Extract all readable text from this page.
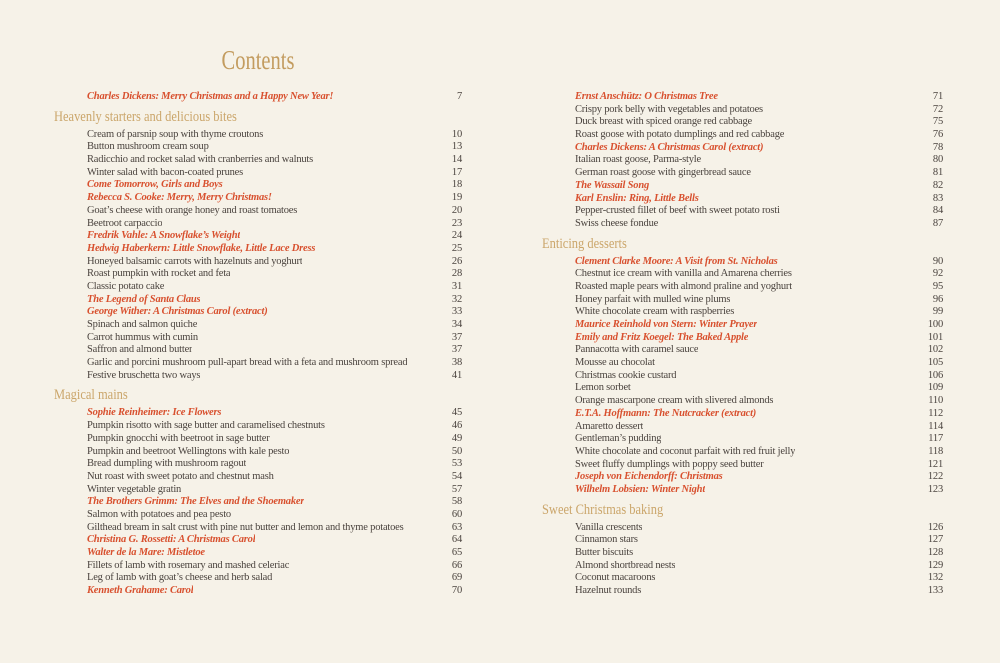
Contents
Charles Dickens: Merry Christmas and a Happy New Year!	7
Heavenly starters and delicious bites
Cream of parsnip soup with thyme croutons	10
Button mushroom cream soup	13
Radicchio and rocket salad with cranberries and walnuts	14
Winter salad with bacon-coated prunes	17
Come Tomorrow, Girls and Boys	18
Rebecca S. Cooke: Merry, Merry Christmas!	19
Goat’s cheese with orange honey and roast tomatoes	20
Beetroot carpaccio	23
Fredrik Vahle: A Snowflake’s Weight	24
Hedwig Haberkern: Little Snowflake, Little Lace Dress	25
Honeyed balsamic carrots with hazelnuts and yoghurt	26
Roast pumpkin with rocket and feta	28
Classic potato cake	31
The Legend of Santa Claus	32
George Wither: A Christmas Carol (extract)	33
Spinach and salmon quiche	34
Carrot hummus with cumin	37
Saffron and almond butter	37
Garlic and porcini mushroom pull-apart bread with a feta and mushroom spread	38
Festive bruschetta two ways	41
Magical mains
Sophie Reinheimer: Ice Flowers	45
Pumpkin risotto with sage butter and caramelised chestnuts	46
Pumpkin gnocchi with beetroot in sage butter	49
Pumpkin and beetroot Wellingtons with kale pesto	50
Bread dumpling with mushroom ragout	53
Nut roast with sweet potato and chestnut mash	54
Winter vegetable gratin	57
The Brothers Grimm: The Elves and the Shoemaker	58
Salmon with potatoes and pea pesto	60
Gilthead bream in salt crust with pine nut butter and lemon and thyme potatoes	63
Christina G. Rossetti: A Christmas Carol	64
Walter de la Mare: Mistletoe	65
Fillets of lamb with rosemary and mashed celeriac	66
Leg of lamb with goat’s cheese and herb salad	69
Kenneth Grahame: Carol	70
Ernst Anschütz: O Christmas Tree	71
Crispy pork belly with vegetables and potatoes	72
Duck breast with spiced orange red cabbage	75
Roast goose with potato dumplings and red cabbage	76
Charles Dickens: A Christmas Carol (extract)	78
Italian roast goose, Parma-style	80
German roast goose with gingerbread sauce	81
The Wassail Song	82
Karl Enslin: Ring, Little Bells	83
Pepper-crusted fillet of beef with sweet potato rosti	84
Swiss cheese fondue	87
Enticing desserts
Clement Clarke Moore: A Visit from St. Nicholas	90
Chestnut ice cream with vanilla and Amarena cherries	92
Roasted maple pears with almond praline and yoghurt	95
Honey parfait with mulled wine plums	96
White chocolate cream with raspberries	99
Maurice Reinhold von Stern: Winter Prayer	100
Emily and Fritz Koegel: The Baked Apple	101
Pannacotta with caramel sauce	102
Mousse au chocolat	105
Christmas cookie custard	106
Lemon sorbet	109
Orange mascarpone cream with slivered almonds	110
E.T.A. Hoffmann: The Nutcracker (extract)	112
Amaretto dessert	114
Gentleman’s pudding	117
White chocolate and coconut parfait with red fruit jelly	118
Sweet fluffy dumplings with poppy seed butter	121
Joseph von Eichendorff: Christmas	122
Wilhelm Lobsien: Winter Night	123
Sweet Christmas baking
Vanilla crescents	126
Cinnamon stars	127
Butter biscuits	128
Almond shortbread nests	129
Coconut macaroons	132
Hazelnut rounds	133
